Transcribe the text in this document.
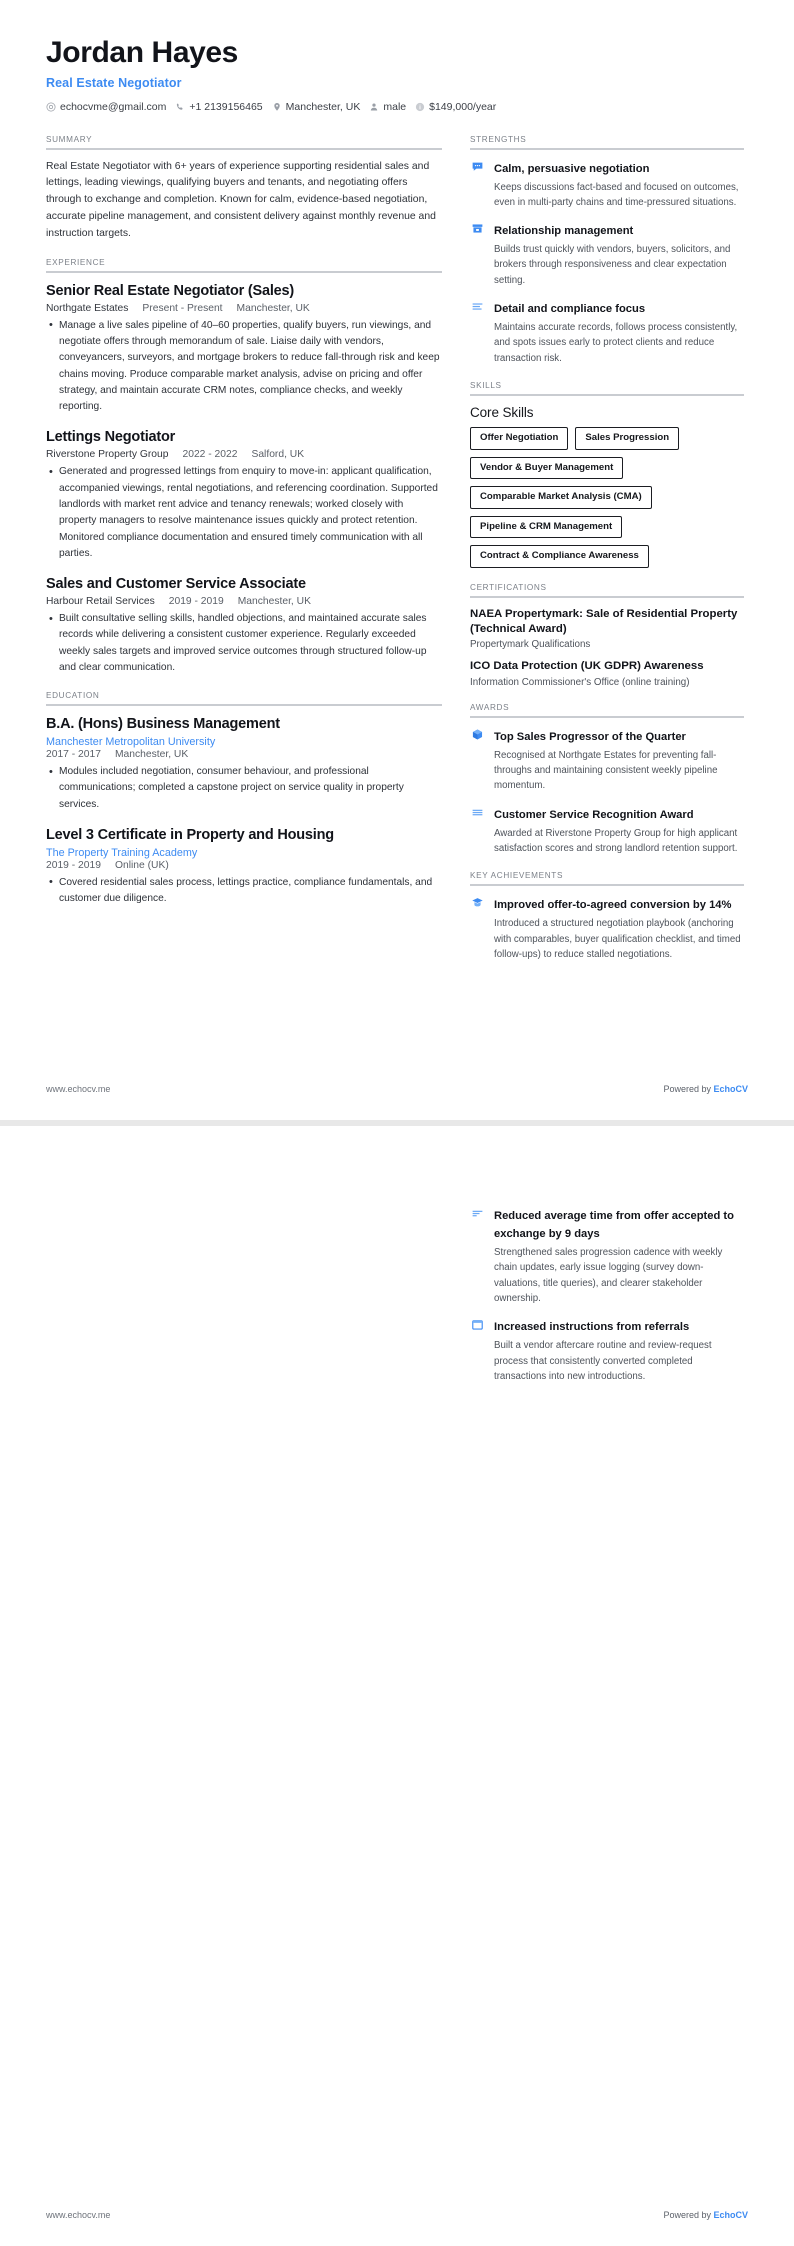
Jordan Hayes
Real Estate Negotiator
echocvme@gmail.com +1 2139156465 Manchester, UK male $149,000/year
SUMMARY
Real Estate Negotiator with 6+ years of experience supporting residential sales and lettings, leading viewings, qualifying buyers and tenants, and negotiating offers through to exchange and completion. Known for calm, evidence-based negotiation, accurate pipeline management, and consistent delivery against monthly revenue and instruction targets.
EXPERIENCE
Senior Real Estate Negotiator (Sales)
Northgate Estates Present - Present Manchester, UK
• Manage a live sales pipeline of 40–60 properties, qualify buyers, run viewings, and negotiate offers through memorandum of sale. Liaise daily with vendors, conveyancers, surveyors, and mortgage brokers to reduce fall-through risk and keep chains moving. Produce comparable market analysis, advise on pricing and offer strategy, and maintain accurate CRM notes, compliance checks, and weekly reporting.
Lettings Negotiator
Riverstone Property Group 2022 - 2022 Salford, UK
• Generated and progressed lettings from enquiry to move-in: applicant qualification, accompanied viewings, rental negotiations, and referencing coordination. Supported landlords with market rent advice and tenancy renewals; worked closely with property managers to resolve maintenance issues quickly and protect retention. Monitored compliance documentation and ensured timely communication with all parties.
Sales and Customer Service Associate
Harbour Retail Services 2019 - 2019 Manchester, UK
• Built consultative selling skills, handled objections, and maintained accurate sales records while delivering a consistent customer experience. Regularly exceeded weekly sales targets and improved service outcomes through structured follow-up and clear communication.
EDUCATION
B.A. (Hons) Business Management
Manchester Metropolitan University
2017 - 2017 Manchester, UK
• Modules included negotiation, consumer behaviour, and professional communications; completed a capstone project on service quality in property services.
Level 3 Certificate in Property and Housing
The Property Training Academy
2019 - 2019 Online (UK)
• Covered residential sales process, lettings practice, compliance fundamentals, and customer due diligence.
STRENGTHS
Calm, persuasive negotiation
Keeps discussions fact-based and focused on outcomes, even in multi-party chains and time-pressured situations.
Relationship management
Builds trust quickly with vendors, buyers, solicitors, and brokers through responsiveness and clear expectation setting.
Detail and compliance focus
Maintains accurate records, follows process consistently, and spots issues early to protect clients and reduce transaction risk.
SKILLS
Core Skills
Offer Negotiation	Sales Progression
Vendor & Buyer Management
Comparable Market Analysis (CMA)
Pipeline & CRM Management
Contract & Compliance Awareness
CERTIFICATIONS
NAEA Propertymark: Sale of Residential Property (Technical Award)
Propertymark Qualifications
ICO Data Protection (UK GDPR) Awareness
Information Commissioner's Office (online training)
AWARDS
Top Sales Progressor of the Quarter
Recognised at Northgate Estates for preventing fall-throughs and maintaining consistent weekly pipeline momentum.
Customer Service Recognition Award
Awarded at Riverstone Property Group for high applicant satisfaction scores and strong landlord retention support.
KEY ACHIEVEMENTS
Improved offer-to-agreed conversion by 14%
Introduced a structured negotiation playbook (anchoring with comparables, buyer qualification checklist, and timed follow-ups) to reduce stalled negotiations.
www.echocv.me	Powered by EchoCV
Reduced average time from offer accepted to exchange by 9 days
Strengthened sales progression cadence with weekly chain updates, early issue logging (survey down-valuations, title queries), and clearer stakeholder ownership.
Increased instructions from referrals
Built a vendor aftercare routine and review-request process that consistently converted completed transactions into new introductions.
www.echocv.me	Powered by EchoCV
